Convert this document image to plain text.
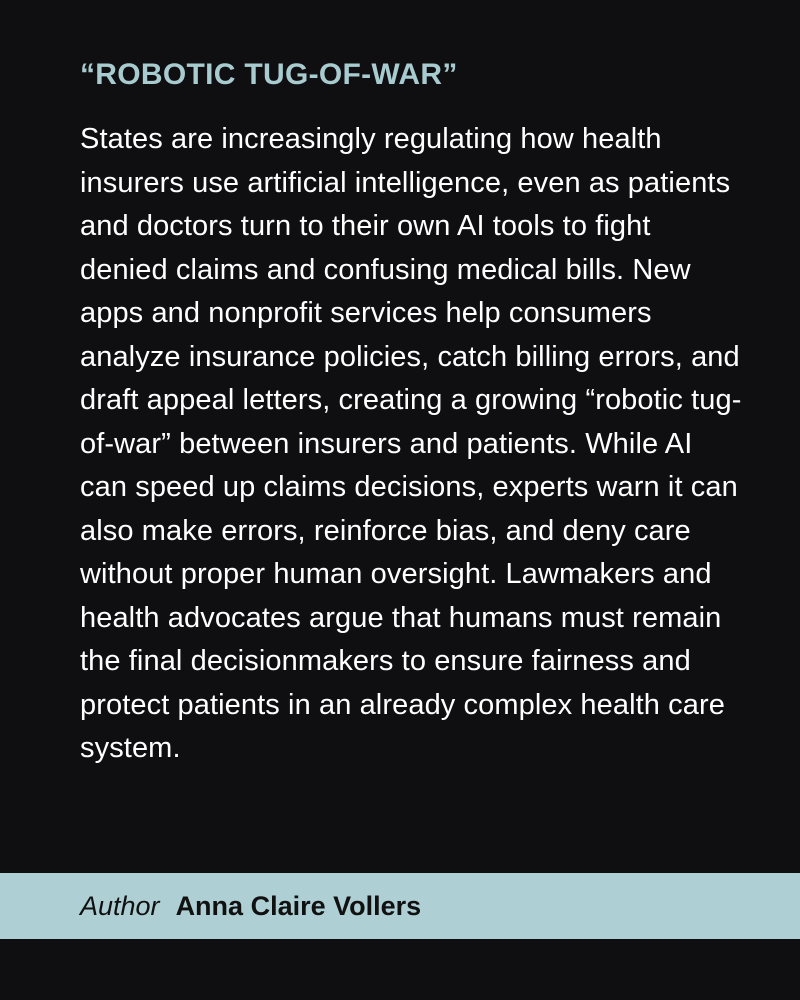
“ROBOTIC TUG-OF-WAR”

States are increasingly regulating how health insurers use artificial intelligence, even as patients and doctors turn to their own AI tools to fight denied claims and confusing medical bills. New apps and nonprofit services help consumers analyze insurance policies, catch billing errors, and draft appeal letters, creating a growing “robotic tug-of-war” between insurers and patients. While AI can speed up claims decisions, experts warn it can also make errors, reinforce bias, and deny care without proper human oversight. Lawmakers and health advocates argue that humans must remain the final decisionmakers to ensure fairness and protect patients in an already complex health care system.

Author Anna Claire Vollers
